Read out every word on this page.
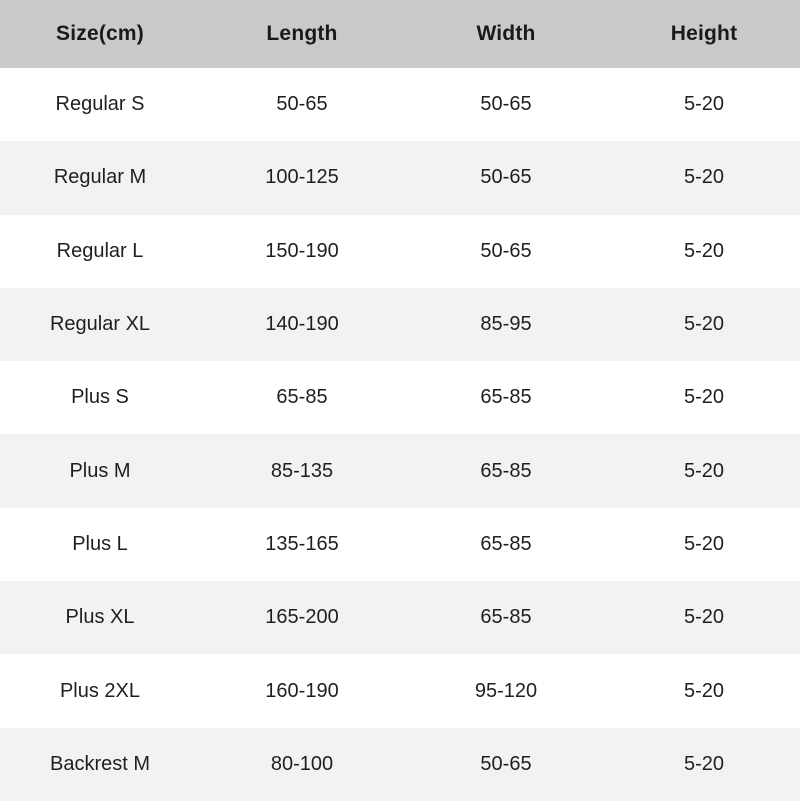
Size(cm)	Length	Width	Height
Regular S	50-65	50-65	5-20
Regular M	100-125	50-65	5-20
Regular L	150-190	50-65	5-20
Regular XL	140-190	85-95	5-20
Plus S	65-85	65-85	5-20
Plus M	85-135	65-85	5-20
Plus L	135-165	65-85	5-20
Plus XL	165-200	65-85	5-20
Plus 2XL	160-190	95-120	5-20
Backrest M	80-100	50-65	5-20
